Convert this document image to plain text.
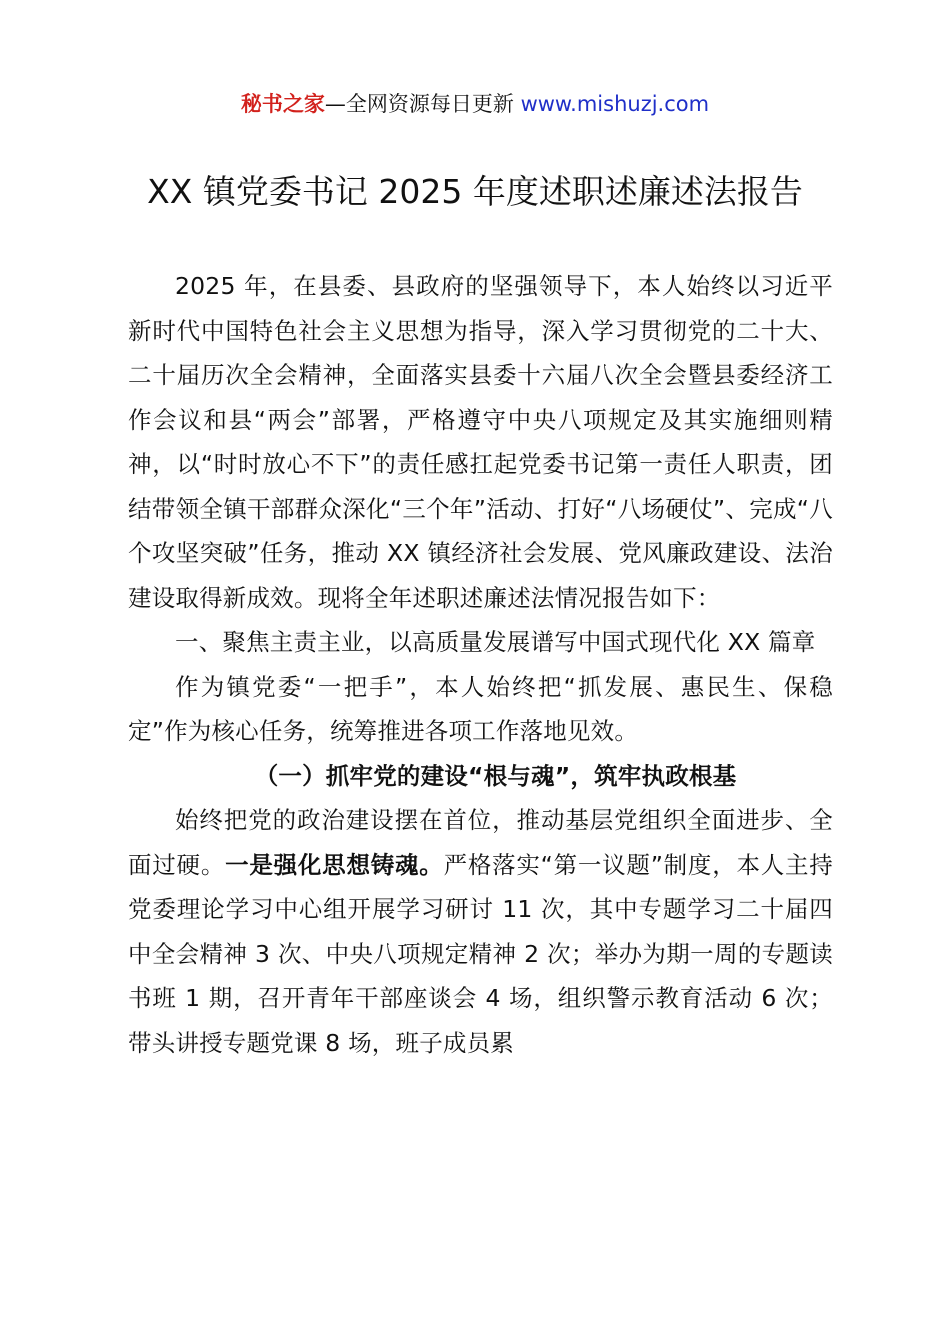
秘书之家—全网资源每日更新 www.mishuzj.com
XX 镇党委书记 2025 年度述职述廉述法报告

2025 年，在县委、县政府的坚强领导下，本人始终以习近平新时代中国特色社会主义思想为指导，深入学习贯彻党的二十大、二十届历次全会精神，全面落实县委十六届八次全会暨县委经济工作会议和县“两会”部署，严格遵守中央八项规定及其实施细则精神，以“时时放心不下”的责任感扛起党委书记第一责任人职责，团结带领全镇干部群众深化“三个年”活动、打好“八场硬仗”、完成“八个攻坚突破”任务，推动 XX 镇经济社会发展、党风廉政建设、法治建设取得新成效。现将全年述职述廉述法情况报告如下：

一、聚焦主责主业，以高质量发展谱写中国式现代化 XX 篇章

作为镇党委“一把手”，本人始终把“抓发展、惠民生、保稳定”作为核心任务，统筹推进各项工作落地见效。

（一）抓牢党的建设“根与魂”，筑牢执政根基

始终把党的政治建设摆在首位，推动基层党组织全面进步、全面过硬。一是强化思想铸魂。严格落实“第一议题”制度，本人主持党委理论学习中心组开展学习研讨 11 次，其中专题学习二十届四中全会精神 3 次、中央八项规定精神 2 次；举办为期一周的专题读书班 1 期，召开青年干部座谈会 4 场，组织警示教育活动 6 次；带头讲授专题党课 8 场，班子成员累
